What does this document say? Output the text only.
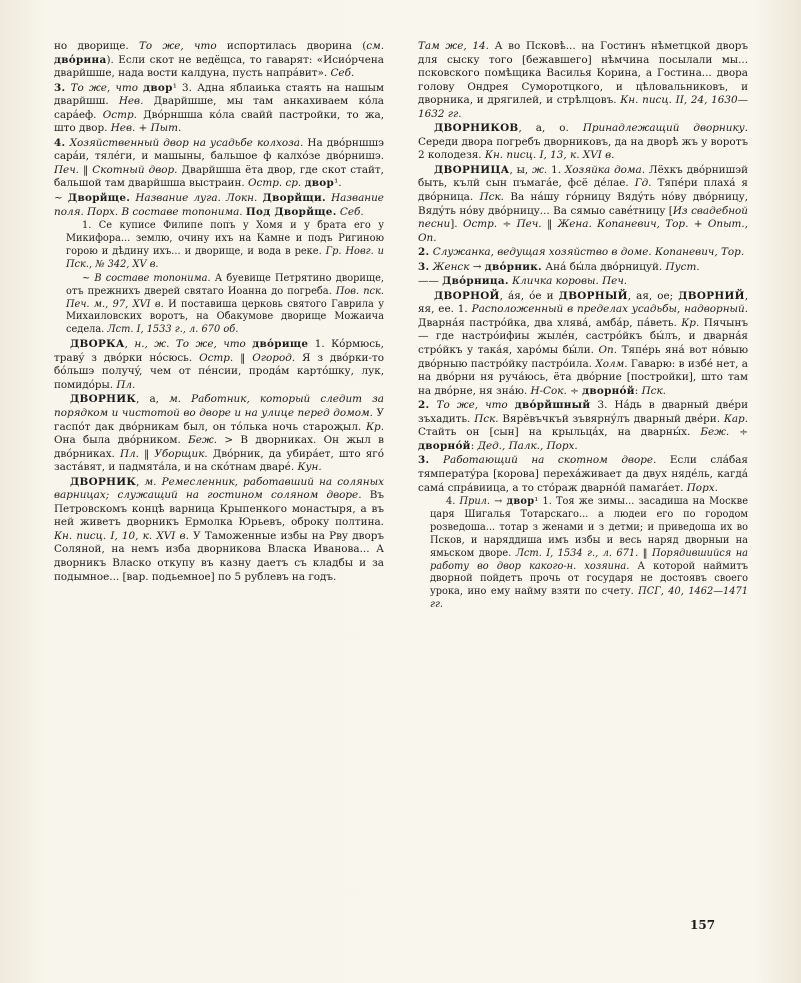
но дворище. То же, что испортилась дворина (см. двόрина). Если скот не ведёщса, то гаварят: «Исиόрчена дварйшше, нада вости калдуна, пусть напрáвит». Себ.

3. То же, что двор¹ 3. Адна яблаиька стаять на нашым дварйшш. Нев. Дварйшше, мы там анкахиваем кόла сарáеф. Остр. Двόрншша кόла свайй пастройки, то жа, што двор. Нев. + Пыт.

4. Хозяйственный двор на усадьбе колхоза. На двόрншшэ сарáи, тялéги, и машыны, бальшое ф калхόзе двόрнишэ. Печ. ‖ Скотный двор. Дварйшша ёта двор, где скот стайт, бальшой там дварйшша выстраин. Остр. ср. двор¹.

~ Дворйще. Название луга. Локн. Дворйщи. Название поля. Порх. В составе топонима. Под Дворйще. Себ.

1. Се куписе Филипе попъ у Хомя и у брата его у Микифора... землю, очину ихъ на Камне и подъ Ригиною горою и дѣдину ихъ... и дворище, и вода в реке. Гр. Новг. и Пск., № 342, XV в.

~ В составе топонима. А буевище Петрятино дворище, отъ прежнихъ дверей святаго Иоанна до погреба. Пов. пск. Печ. м., 97, XVI в. И поставиша церковь святого Гаврила у Михаиловских воротъ, на Обакумове дворище Можаича седела. Лст. I, 1533 г., л. 670 об.

ДВОРКА, н., ж. То же, что двόрище 1. Кόрмюсь, травý з двόрки нόсюсь. Остр. ‖ Огород. Я з двόрки-то бόльшэ получý, чем от пéнсии, продáм картόшку, лук, помидόры. Пл.

ДВОРНИК, а, м. Работник, который следит за порядком и чистотой во дворе и на улице перед домом. У гаспόт дак двόрникам был, он тόлька ночь староҗыл. Кр. Она была двόрником. Беж. > В дворниках. Он жыл в двόрниках. Пл. ‖ Уборщик. Двόрник, да убирáет, што ягό застáвят, и падмятáла, и на скόтнам дварé. Кун.

ДВОРНИК, м. Ремесленник, работавший на соляных варницах; служащий на гостином соляном дворе. Въ Петровскомъ концѣ варница Крыпенкого монастыря, а въ ней живетъ дворникъ Ермолка Юрьевъ, оброку полтина. Кн. писц. I, 10, к. XVI в. У Таможенные избы на Рву дворъ Соляной, на немъ изба дворникова Власка Иванова... А дворникъ Власко откупу въ казну даетъ съ кладбы и за подымное... [вар. подьемное] по 5 рублевъ на годъ.

Там же, 14. А во Псковѣ... на Гостинъ нѣметцкой дворъ для сыску того [бежавшего] нѣмчина посылали мы... псковского помѣщика Василья Корина, а Гостина... двора голову Ондрея Суморотцкого, и цѣловальниковъ, и дворника, и дрягилей, и стрѣлцовъ. Кн. писц. II, 24, 1630—1632 гг.

ДВОРНИКОВ, а, о. Принадлежащий дворнику. Середи двора погребъ дворниковъ, да на дворѣ жъ у воротъ 2 колодезя. Кн. писц. I, 13, к. XVI в.

ДВОРНИЦА, ы, ж. 1. Хозяйка дома. Лёхкъ двόрнишэй быть, кълй сын пъмагáе, фсё дéлае. Гд. Тяпéри плахá я двόрница. Пск. Ва нáшу гόрницу Вядýть нόву двόрницу, Вядýть нόву двόрницу... Ва сямыо савéтницу [Из свадебной песни]. Остр. ÷ Печ. ‖ Жена. Копаневич, Тор. + Опыт., Оп.

2. Служанка, ведущая хозяйство в доме. Копаневич, Тор.

3. Женск → двόрник. Анá бы́ла двόрницуй. Пуст.

—— Двόрница. Кличка коровы. Печ.

ДВОРНОЙ, áя, óе и ДВОРНЫЙ, ая, ое; ДВОРНИЙ, яя, ее. 1. Расположенный в пределах усадьбы, надворный. Дварнáя пастрóйка, два хлявá, амбáр, пáветь. Кр. Пячынъ — где настрόифиы жылéн, састрόйкъ бы́лъ, и дварнáя стрόйкъ у такáя, харόмы бы́ли. Оп. Тяпéрь янá вот нόвыю двόрныю пастрόйку пастрόила. Холм. Гаварю: в избé нет, а на двόрни ня ручáюсь, ёта двόрние [постройки], што там на двόрне, ня знáю. Н-Сок. ÷ дворнóй: Пск.

2. То же, что двόрйшный 3. Нáдь в дварный двéри зъхадить. Пск. Вярёвъчкъй зъвярнýлъ дварный двéри. Кар. Стайть он [сын] на крыльцáх, на дварны́х. Беж. ÷ дворнóй: Дед., Палк., Порх.

3. Работающий на скотном дворе. Если слáбая тямператýра [корова] перехáживает да двух нядéль, кагдá самá спрáвиица, а то стόраж дварнόй памагáет. Порх.

4. Прил. → двор¹ 1. Тоя же зимы... засадиша на Москве царя Шигалья Тотарскаго... а людеи его по городом розведоша... тотар з женами и з детми; и приведоша их во Псков, и наряддиша имъ избы и весь наряд дворныи на ямьском дворе. Лст. I, 1534 г., л. 671. ‖ Порядившийся на работу во двор какого-н. хозяина. А которой наймитъ дворной пойдетъ прочь от государя не достоявъ своего урока, ино ему найму взяти по счету. ПСГ, 40, 1462—1471 гг.

157
